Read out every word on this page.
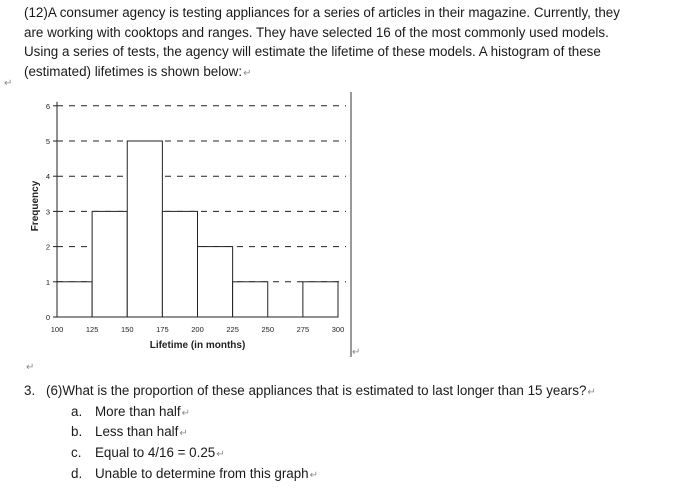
(12)A consumer agency is testing appliances for a series of articles in their magazine. Currently, they
are working with cooktops and ranges. They have selected 16 of the most commonly used models.
Using a series of tests, the agency will estimate the lifetime of these models. A histogram of these
(estimated) lifetimes is shown below:↵
↵
0
1
2
3
4
5
6
100	125	150	175	200	225	250	275	300
Lifetime (in months)
Frequency
↵
↵
3. (6)What is the proportion of these appliances that is estimated to last longer than 15 years?↵
a. More than half↵
b. Less than half↵
c. Equal to 4/16 = 0.25↵
d. Unable to determine from this graph↵
